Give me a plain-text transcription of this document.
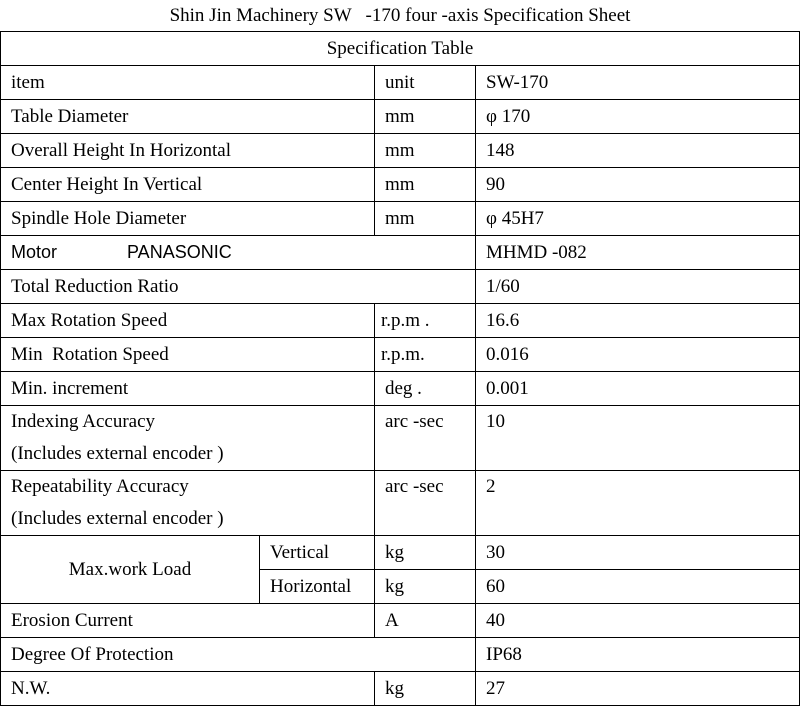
Shin Jin Machinery SW   -170 four -axis Specification Sheet
Specification Table			
item		unit	SW-170
Table Diameter		mm	φ 170
Overall Height In Horizontal		mm	148
Center Height In Vertical		mm	90
Spindle Hole Diameter		mm	φ 45H7
Motor PANASONIC			MHMD -082
Total Reduction Ratio			1/60
Max Rotation Speed		r.p.m .	16.6
Min  Rotation Speed		r.p.m.	0.016
Min. increment		deg .	0.001

Indexing Accuracy
(Includes external encoder )		arc -sec	10

Repeatability Accuracy
(Includes external encoder )		arc -sec	2
Max.work Load	Vertical	kg	30
	Horizontal	kg	60
Erosion Current		A	40
Degree Of Protection			IP68
N.W.		kg	27
